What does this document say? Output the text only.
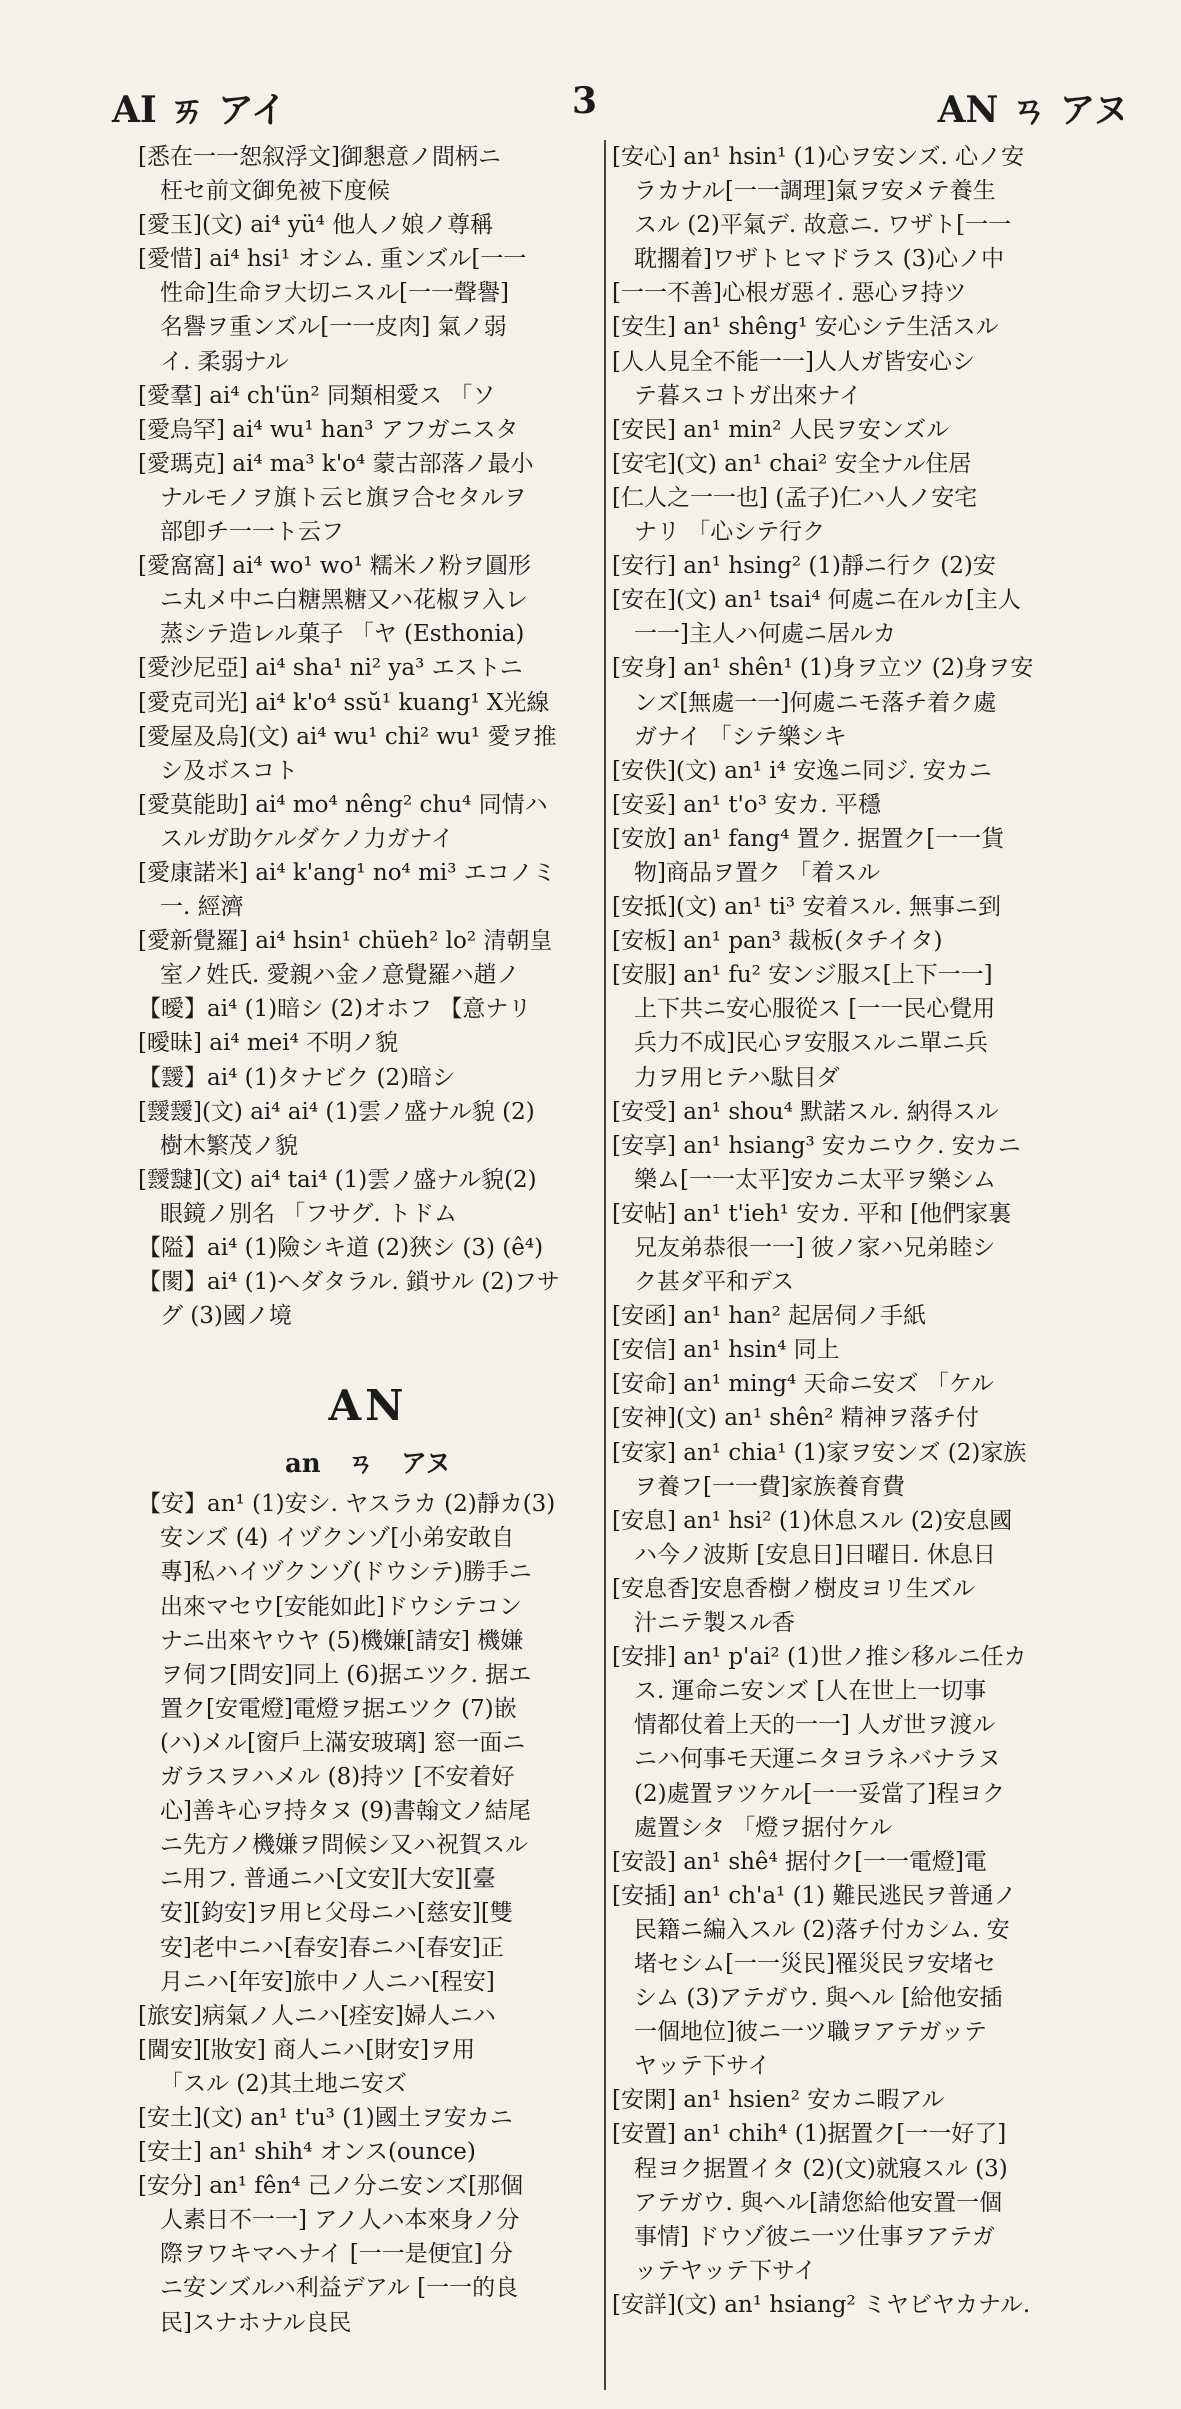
AI ㄞ アイ	3	AN ㄢ アヌ
[悉在一一恕叙浮文]御懇意ノ間柄ニ
枉セ前文御免被下度候
[愛玉](文) ai⁴ yü⁴ 他人ノ娘ノ尊稱
[愛惜] ai⁴ hsi¹ オシム. 重ンズル[一一
性命]生命ヲ大切ニスル[一一聲譽]
名譽ヲ重ンズル[一一皮肉] 氣ノ弱
イ. 柔弱ナル
[愛羣] ai⁴ ch'ün² 同類相愛ス 「ソ
[愛烏罕] ai⁴ wu¹ han³ アフガニスタ
[愛瑪克] ai⁴ ma³ k'o⁴ 蒙古部落ノ最小
ナルモノヲ旗ト云ヒ旗ヲ合セタルヲ
部卽チ一一ト云フ
[愛窩窩] ai⁴ wo¹ wo¹ 糯米ノ粉ヲ圓形
ニ丸メ中ニ白糖黑糖又ハ花椒ヲ入レ
蒸シテ造レル菓子 「ヤ (Esthonia)
[愛沙尼亞] ai⁴ sha¹ ni² ya³ エストニ
[愛克司光] ai⁴ k'o⁴ ssŭ¹ kuang¹ X光線
[愛屋及烏](文) ai⁴ wu¹ chi² wu¹ 愛ヲ推
シ及ボスコト
[愛莫能助] ai⁴ mo⁴ nêng² chu⁴ 同情ハ
スルガ助ケルダケノ力ガナイ
[愛康諾米] ai⁴ k'ang¹ no⁴ mi³ エコノミ
一. 經濟
[愛新覺羅] ai⁴ hsin¹ chüeh² lo² 清朝皇
室ノ姓氏. 愛親ハ金ノ意覺羅ハ趙ノ
【曖】ai⁴ (1)暗シ (2)オホフ 【意ナリ
[曖昧] ai⁴ mei⁴ 不明ノ貌
【靉】ai⁴ (1)タナビク (2)暗シ
[靉靉](文) ai⁴ ai⁴ (1)雲ノ盛ナル貌 (2)
樹木繁茂ノ貌
[靉靆](文) ai⁴ tai⁴ (1)雲ノ盛ナル貌(2)
眼鏡ノ別名 「フサグ. トドム
【隘】ai⁴ (1)險シキ道 (2)狹シ (3) (ê⁴)
【閡】ai⁴ (1)ヘダタラル. 鎖サル (2)フサ
グ (3)國ノ境
AN
an ㄢ アヌ
【安】an¹ (1)安シ. ヤスラカ (2)靜カ(3)
安ンズ (4) イヅクンゾ[小弟安敢自
專]私ハイヅクンゾ(ドウシテ)勝手ニ
出來マセウ[安能如此]ドウシテコン
ナニ出來ヤウヤ (5)機嫌[請安] 機嫌
ヲ伺フ[問安]同上 (6)据エツク. 据エ
置ク[安電燈]電燈ヲ据エツク (7)嵌
(ハ)メル[窗戶上滿安玻璃] 窓一面ニ
ガラスヲハメル (8)持ツ [不安着好
心]善キ心ヲ持タヌ (9)書翰文ノ結尾
ニ先方ノ機嫌ヲ問候シ又ハ祝賀スル
ニ用フ. 普通ニハ[文安][大安][臺
安][鈞安]ヲ用ヒ父母ニハ[慈安][雙
安]老中ニハ[春安]春ニハ[春安]正
月ニハ[年安]旅中ノ人ニハ[程安]
[旅安]病氣ノ人ニハ[痊安]婦人ニハ
[閫安][妝安] 商人ニハ[財安]ヲ用
「スル (2)其土地ニ安ズ
[安土](文) an¹ t'u³ (1)國土ヲ安カニ
[安士] an¹ shih⁴ オンス(ounce)
[安分] an¹ fên⁴ 己ノ分ニ安ンズ[那個
人素日不一一] アノ人ハ本來身ノ分
際ヲワキマヘナイ [一一是便宜] 分
ニ安ンズルハ利益デアル [一一的良
民]スナホナル良民
[安心] an¹ hsin¹ (1)心ヲ安ンズ. 心ノ安
ラカナル[一一調理]氣ヲ安メテ養生
スル (2)平氣デ. 故意ニ. ワザト[一一
耽擱着]ワザトヒマドラス (3)心ノ中
[一一不善]心根ガ惡イ. 惡心ヲ持ツ
[安生] an¹ shêng¹ 安心シテ生活スル
[人人見全不能一一]人人ガ皆安心シ
テ暮スコトガ出來ナイ
[安民] an¹ min² 人民ヲ安ンズル
[安宅](文) an¹ chai² 安全ナル住居
[仁人之一一也] (孟子)仁ハ人ノ安宅
ナリ 「心シテ行ク
[安行] an¹ hsing² (1)靜ニ行ク (2)安
[安在](文) an¹ tsai⁴ 何處ニ在ルカ[主人
一一]主人ハ何處ニ居ルカ
[安身] an¹ shên¹ (1)身ヲ立ツ (2)身ヲ安
ンズ[無處一一]何處ニモ落チ着ク處
ガナイ 「シテ樂シキ
[安佚](文) an¹ i⁴ 安逸ニ同ジ. 安カニ
[安妥] an¹ t'o³ 安カ. 平穩
[安放] an¹ fang⁴ 置ク. 据置ク[一一貨
物]商品ヲ置ク 「着スル
[安抵](文) an¹ ti³ 安着スル. 無事ニ到
[安板] an¹ pan³ 裁板(タチイタ)
[安服] an¹ fu² 安ンジ服ス[上下一一]
上下共ニ安心服從ス [一一民心覺用
兵力不成]民心ヲ安服スルニ單ニ兵
力ヲ用ヒテハ駄目ダ
[安受] an¹ shou⁴ 默諾スル. 納得スル
[安享] an¹ hsiang³ 安カニウク. 安カニ
樂ム[一一太平]安カニ太平ヲ樂シム
[安帖] an¹ t'ieh¹ 安カ. 平和 [他們家裏
兄友弟恭很一一] 彼ノ家ハ兄弟睦シ
ク甚ダ平和デス
[安函] an¹ han² 起居伺ノ手紙
[安信] an¹ hsin⁴ 同上
[安命] an¹ ming⁴ 天命ニ安ズ 「ケル
[安神](文) an¹ shên² 精神ヲ落チ付
[安家] an¹ chia¹ (1)家ヲ安ンズ (2)家族
ヲ養フ[一一費]家族養育費
[安息] an¹ hsi² (1)休息スル (2)安息國
ハ今ノ波斯 [安息日]日曜日. 休息日
[安息香]安息香樹ノ樹皮ヨリ生ズル
汁ニテ製スル香
[安排] an¹ p'ai² (1)世ノ推シ移ルニ任カ
ス. 運命ニ安ンズ [人在世上一切事
情都仗着上天的一一] 人ガ世ヲ渡ル
ニハ何事モ天運ニタヨラネバナラヌ
(2)處置ヲツケル[一一妥當了]程ヨク
處置シタ 「燈ヲ据付ケル
[安設] an¹ shê⁴ 据付ク[一一電燈]電
[安插] an¹ ch'a¹ (1) 難民逃民ヲ普通ノ
民籍ニ編入スル (2)落チ付カシム. 安
堵セシム[一一災民]罹災民ヲ安堵セ
シム (3)アテガウ. 與ヘル [給他安插
一個地位]彼ニ一ツ職ヲアテガッテ
ヤッテ下サイ
[安閑] an¹ hsien² 安カニ暇アル
[安置] an¹ chih⁴ (1)据置ク[一一好了]
程ヨク据置イタ (2)(文)就寢スル (3)
アテガウ. 與ヘル[請您給他安置一個
事情] ドウゾ彼ニ一ツ仕事ヲアテガ
ッテヤッテ下サイ
[安詳](文) an¹ hsiang² ミヤビヤカナル.
